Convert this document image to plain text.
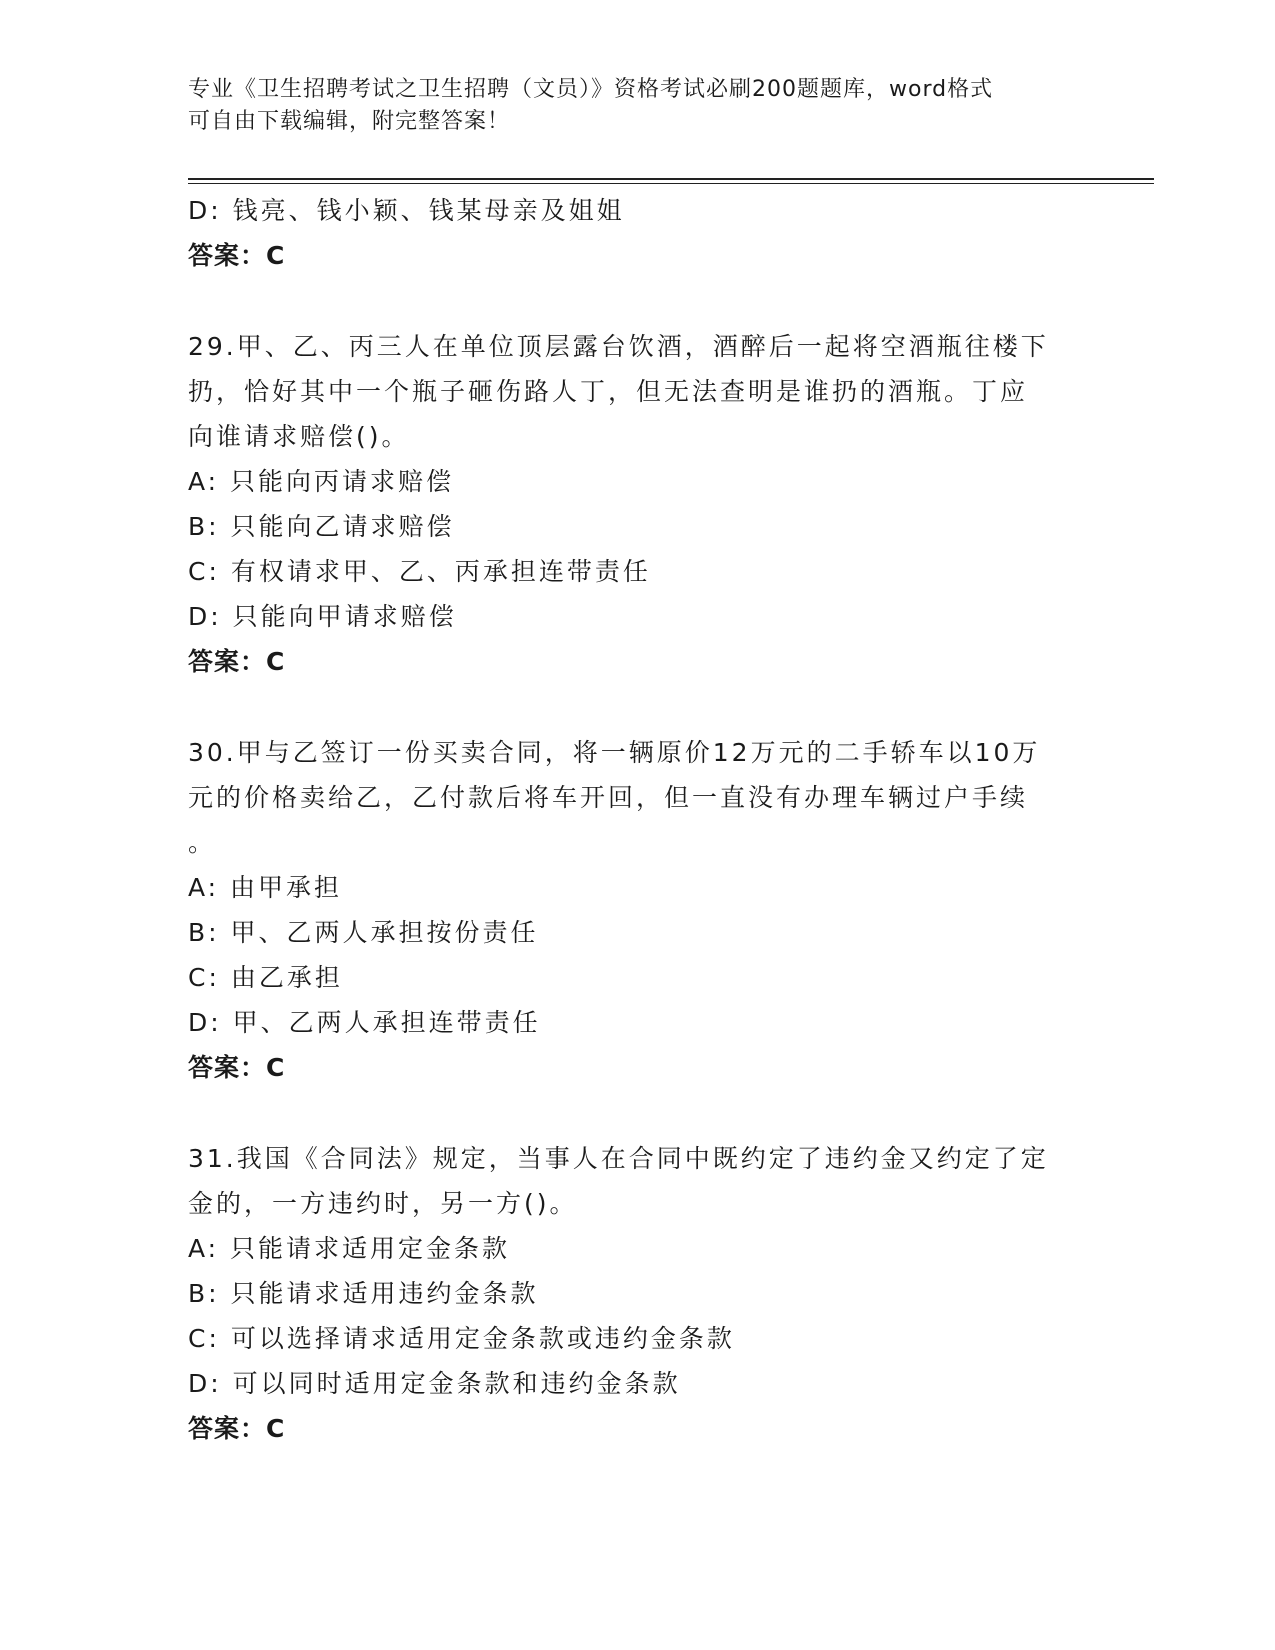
专业《卫生招聘考试之卫生招聘（文员）》资格考试必刷200题题库，word格式
可自由下载编辑，附完整答案！
D: 钱亮、钱小颖、钱某母亲及姐姐
答案：C
29.甲、乙、丙三人在单位顶层露台饮酒，酒醉后一起将空酒瓶往楼下
扔，恰好其中一个瓶子砸伤路人丁，但无法查明是谁扔的酒瓶。丁应
向谁请求赔偿()。
A: 只能向丙请求赔偿
B: 只能向乙请求赔偿
C: 有权请求甲、乙、丙承担连带责任
D: 只能向甲请求赔偿
答案：C
30.甲与乙签订一份买卖合同，将一辆原价12万元的二手轿车以10万
元的价格卖给乙，乙付款后将车开回，但一直没有办理车辆过户手续
。
A: 由甲承担
B: 甲、乙两人承担按份责任
C: 由乙承担
D: 甲、乙两人承担连带责任
答案：C
31.我国《合同法》规定，当事人在合同中既约定了违约金又约定了定
金的，一方违约时，另一方()。
A: 只能请求适用定金条款
B: 只能请求适用违约金条款
C: 可以选择请求适用定金条款或违约金条款
D: 可以同时适用定金条款和违约金条款
答案：C
